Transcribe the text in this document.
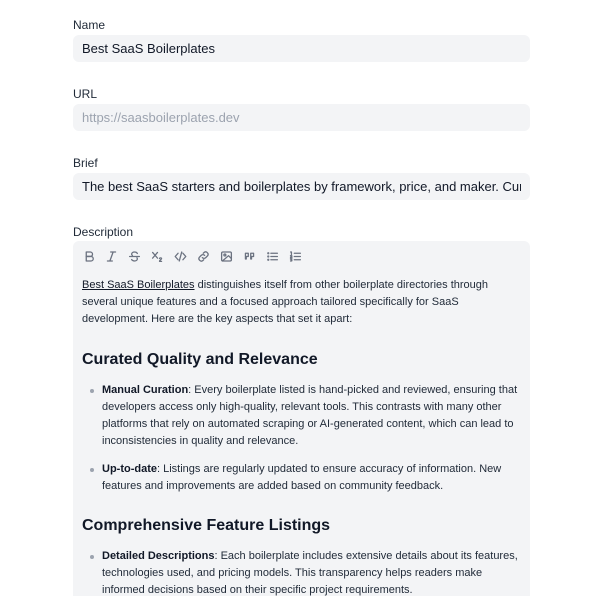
Name
Best SaaS Boilerplates
URL
https://saasboilerplates.dev
Brief
The best SaaS starters and boilerplates by framework, price, and maker. Curated
Description

Best SaaS Boilerplates distinguishes itself from other boilerplate directories through several unique features and a focused approach tailored specifically for SaaS development. Here are the key aspects that set it apart:

Curated Quality and Relevance
Manual Curation: Every boilerplate listed is hand-picked and reviewed, ensuring that developers access only high-quality, relevant tools. This contrasts with many other platforms that rely on automated scraping or AI-generated content, which can lead to inconsistencies in quality and relevance.
Up-to-date: Listings are regularly updated to ensure accuracy of information. New features and improvements are added based on community feedback.
Comprehensive Feature Listings
Detailed Descriptions: Each boilerplate includes extensive details about its features, technologies used, and pricing models. This transparency helps readers make informed decisions based on their specific project requirements.
